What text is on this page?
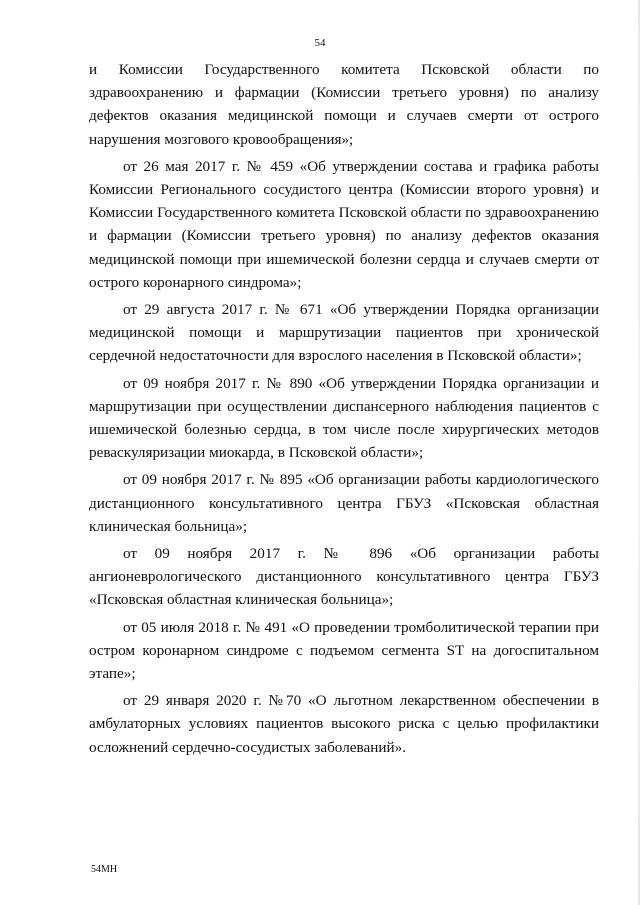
54

и Комиссии Государственного комитета Псковской области по здравоохранению и фармации (Комиссии третьего уровня) по анализу дефектов оказания медицинской помощи и случаев смерти от острого нарушения мозгового кровообращения»;

от 26 мая 2017 г. № 459 «Об утверждении состава и графика работы Комиссии Регионального сосудистого центра (Комиссии второго уровня) и Комиссии Государственного комитета Псковской области по здравоохранению и фармации (Комиссии третьего уровня) по анализу дефектов оказания медицинской помощи при ишемической болезни сердца и случаев смерти от острого коронарного синдрома»;

от 29 августа 2017 г. № 671 «Об утверждении Порядка организации медицинской помощи и маршрутизации пациентов при хронической сердечной недостаточности для взрослого населения в Псковской области»;

от 09 ноября 2017 г. № 890 «Об утверждении Порядка организации и маршрутизации при осуществлении диспансерного наблюдения пациентов с ишемической болезнью сердца, в том числе после хирургических методов реваскуляризации миокарда, в Псковской области»;

от 09 ноября 2017 г. № 895 «Об организации работы кардиологического дистанционного консультативного центра ГБУЗ «Псковская областная клиническая больница»;

от 09 ноября 2017 г. № 896 «Об организации работы ангионеврологического дистанционного консультативного центра ГБУЗ «Псковская областная клиническая больница»;

от 05 июля 2018 г. № 491 «О проведении тромболитической терапии при остром коронарном синдроме с подъемом сегмента ST на догоспитальном этапе»;

от 29 января 2020 г. №70 «О льготном лекарственном обеспечении в амбулаторных условиях пациентов высокого риска с целью профилактики осложнений сердечно-сосудистых заболеваний».

54МН
